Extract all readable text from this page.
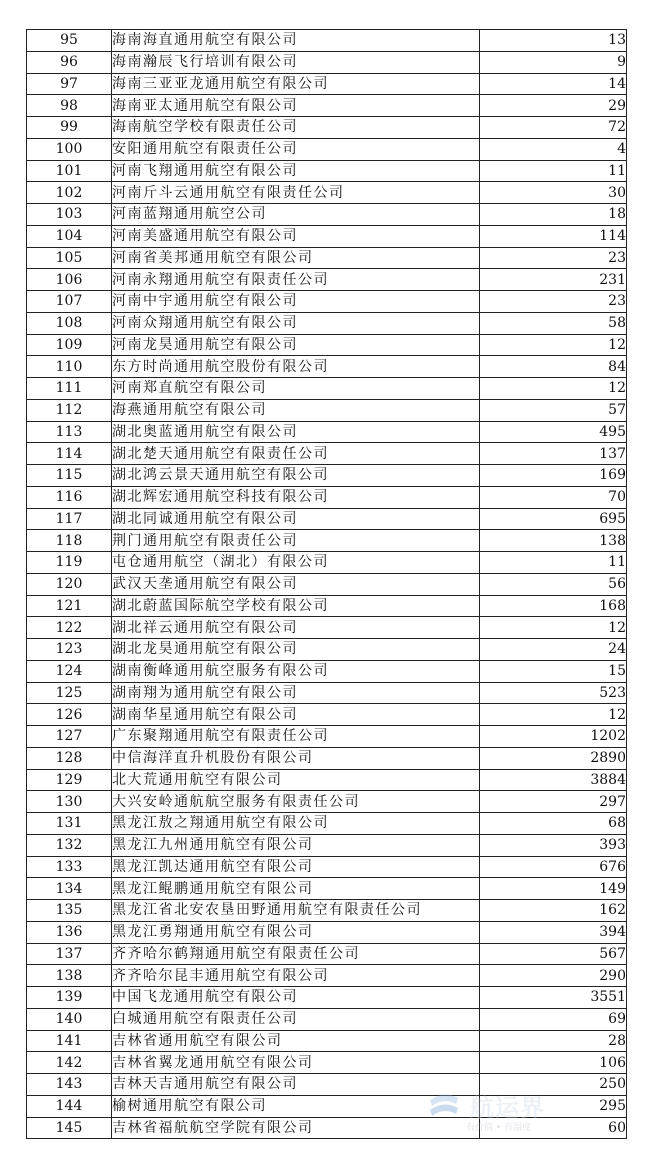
95	海南海直通用航空有限公司	13
96	海南瀚辰飞行培训有限公司	9
97	海南三亚亚龙通用航空有限公司	14
98	海南亚太通用航空有限公司	29
99	海南航空学校有限责任公司	72
100	安阳通用航空有限责任公司	4
101	河南飞翔通用航空有限公司	11
102	河南斤斗云通用航空有限责任公司	30
103	河南蓝翔通用航空公司	18
104	河南美盛通用航空有限公司	114
105	河南省美邦通用航空有限公司	23
106	河南永翔通用航空有限责任公司	231
107	河南中宇通用航空有限公司	23
108	河南众翔通用航空有限公司	58
109	河南龙昊通用航空有限公司	12
110	东方时尚通用航空股份有限公司	84
111	河南郑直航空有限公司	12
112	海燕通用航空有限公司	57
113	湖北奥蓝通用航空有限公司	495
114	湖北楚天通用航空有限责任公司	137
115	湖北鸿云景天通用航空有限公司	169
116	湖北辉宏通用航空科技有限公司	70
117	湖北同诚通用航空有限公司	695
118	荆门通用航空有限责任公司	138
119	屯仓通用航空（湖北）有限公司	11
120	武汉天垄通用航空有限公司	56
121	湖北蔚蓝国际航空学校有限公司	168
122	湖北祥云通用航空有限公司	12
123	湖北龙昊通用航空有限公司	24
124	湖南衡峰通用航空服务有限公司	15
125	湖南翔为通用航空有限公司	523
126	湖南华星通用航空有限公司	12
127	广东聚翔通用航空有限责任公司	1202
128	中信海洋直升机股份有限公司	2890
129	北大荒通用航空有限公司	3884
130	大兴安岭通航航空服务有限责任公司	297
131	黑龙江敖之翔通用航空有限公司	68
132	黑龙江九州通用航空有限公司	393
133	黑龙江凯达通用航空有限公司	676
134	黑龙江鲲鹏通用航空有限公司	149
135	黑龙江省北安农垦田野通用航空有限责任公司	162
136	黑龙江勇翔通用航空有限公司	394
137	齐齐哈尔鹤翔通用航空有限责任公司	567
138	齐齐哈尔昆丰通用航空有限公司	290
139	中国飞龙通用航空有限公司	3551
140	白城通用航空有限责任公司	69
141	吉林省通用航空有限公司	28
142	吉林省翼龙通用航空有限公司	106
143	吉林天吉通用航空有限公司	250
144	榆树通用航空有限公司	295
145	吉林省福航航空学院有限公司	60
航运界
有价值 • 有温度
